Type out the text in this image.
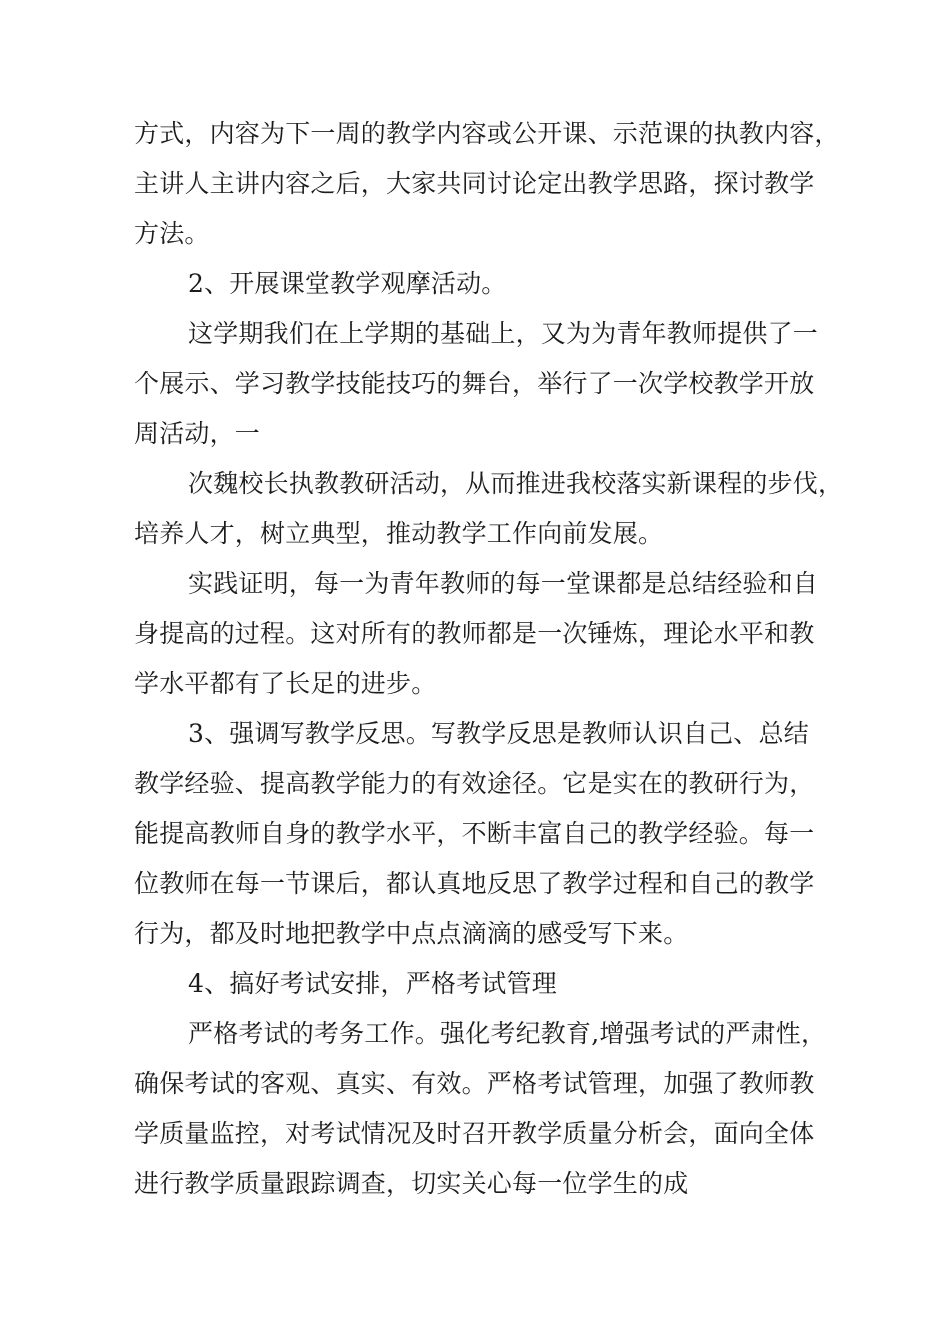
方式，内容为下一周的教学内容或公开课、示范课的执教内容，
主讲人主讲内容之后，大家共同讨论定出教学思路，探讨教学
方法。
2、开展课堂教学观摩活动。
这学期我们在上学期的基础上，又为为青年教师提供了一
个展示、学习教学技能技巧的舞台，举行了一次学校教学开放
周活动，一
次魏校长执教教研活动，从而推进我校落实新课程的步伐，
培养人才，树立典型，推动教学工作向前发展。
实践证明，每一为青年教师的每一堂课都是总结经验和自
身提高的过程。这对所有的教师都是一次锤炼，理论水平和教
学水平都有了长足的进步。
3、强调写教学反思。写教学反思是教师认识自己、总结
教学经验、提高教学能力的有效途径。它是实在的教研行为，
能提高教师自身的教学水平，不断丰富自己的教学经验。每一
位教师在每一节课后，都认真地反思了教学过程和自己的教学
行为，都及时地把教学中点点滴滴的感受写下来。
4、搞好考试安排，严格考试管理
严格考试的考务工作。强化考纪教育,增强考试的严肃性，
确保考试的客观、真实、有效。严格考试管理，加强了教师教
学质量监控，对考试情况及时召开教学质量分析会，面向全体
进行教学质量跟踪调查，切实关心每一位学生的成
